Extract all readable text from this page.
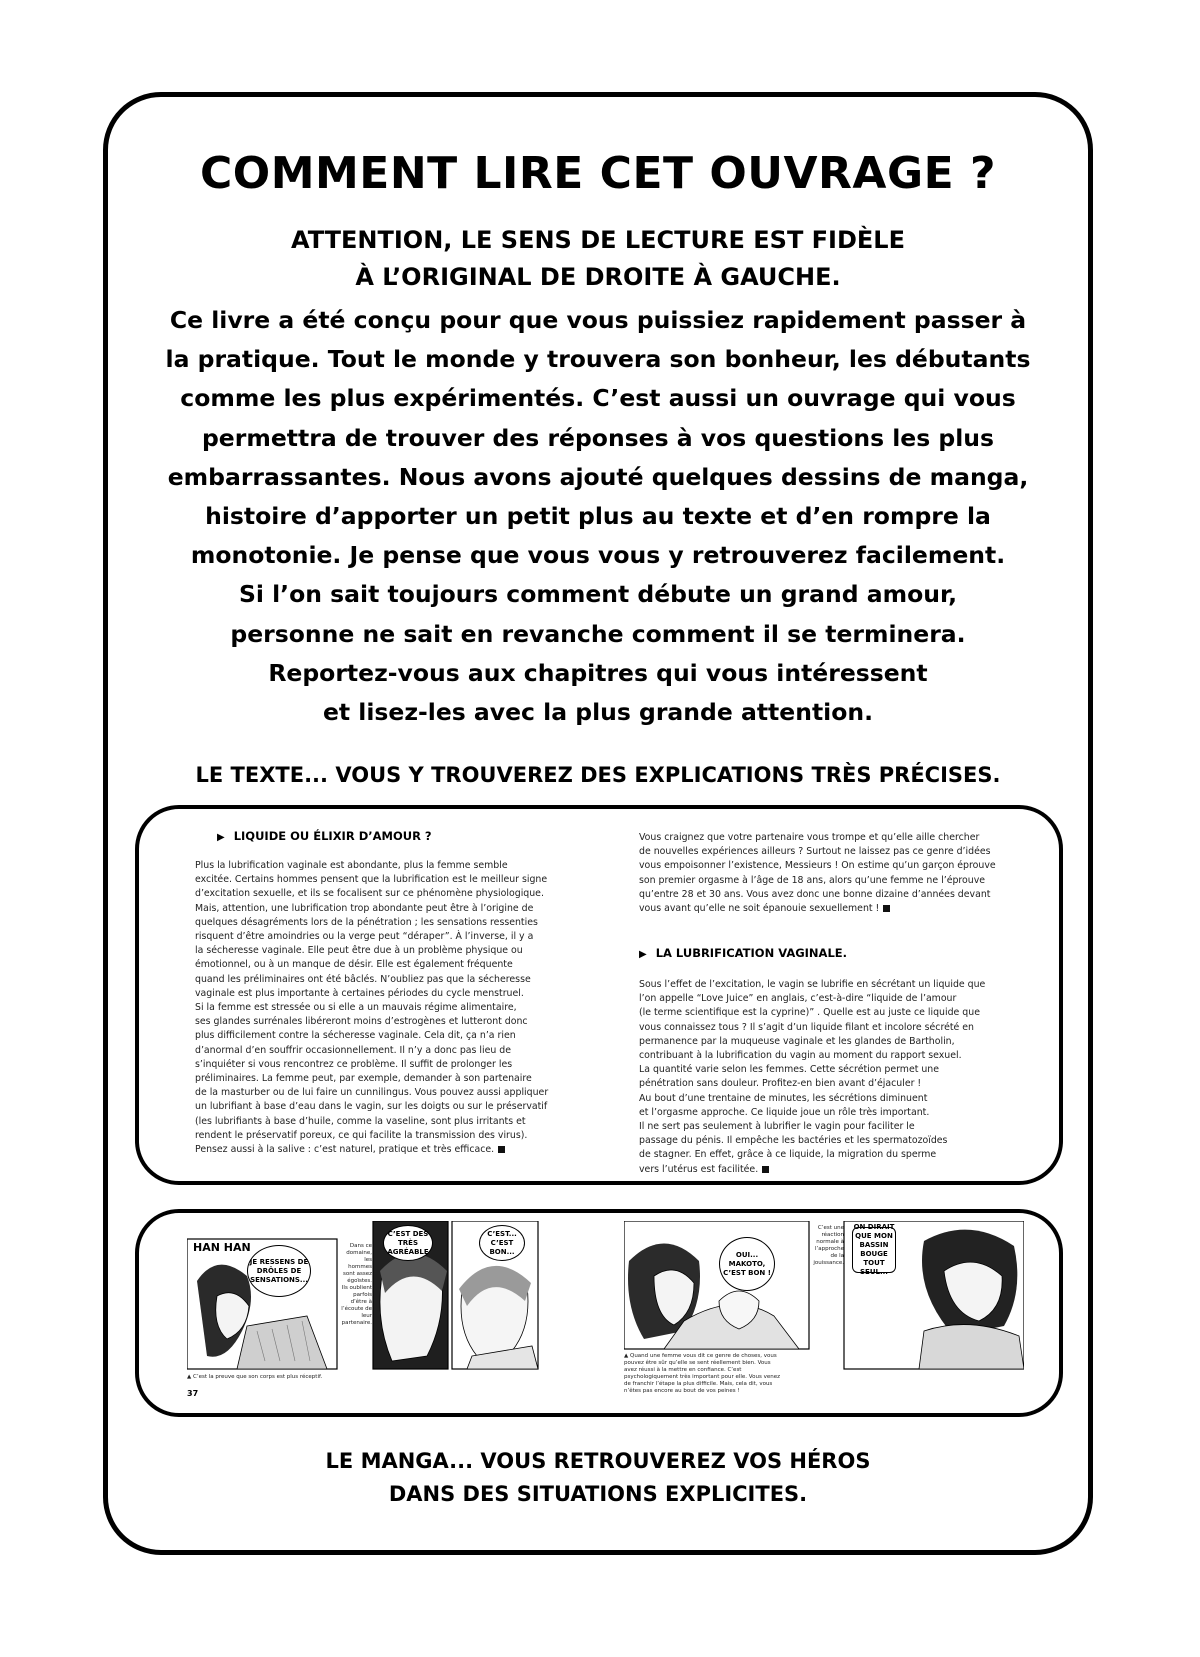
COMMENT LIRE CET OUVRAGE ?
ATTENTION, LE SENS DE LECTURE EST FIDÈLE
À L’ORIGINAL DE DROITE À GAUCHE.
Ce livre a été conçu pour que vous puissiez rapidement passer à
la pratique. Tout le monde y trouvera son bonheur, les débutants
comme les plus expérimentés. C’est aussi un ouvrage qui vous
permettra de trouver des réponses à vos questions les plus
embarrassantes. Nous avons ajouté quelques dessins de manga,
histoire d’apporter un petit plus au texte et d’en rompre la
monotonie. Je pense que vous vous y retrouverez facilement.
Si l’on sait toujours comment débute un grand amour,
personne ne sait en revanche comment il se terminera.
Reportez-vous aux chapitres qui vous intéressent
et lisez-les avec la plus grande attention.
LE TEXTE... VOUS Y TROUVEREZ DES EXPLICATIONS TRÈS PRÉCISES.
▶ LIQUIDE OU ÉLIXIR D’AMOUR ?

Plus la lubrification vaginale est abondante, plus la femme semble

excitée. Certains hommes pensent que la lubrification est le meilleur signe

d’excitation sexuelle, et ils se focalisent sur ce phénomène physiologique.

Mais, attention, une lubrification trop abondante peut être à l’origine de

quelques désagréments lors de la pénétration ; les sensations ressenties

risquent d’être amoindries ou la verge peut “déraper”. À l’inverse, il y a

la sécheresse vaginale. Elle peut être due à un problème physique ou

émotionnel, ou à un manque de désir. Elle est également fréquente

quand les préliminaires ont été bâclés. N’oubliez pas que la sécheresse

vaginale est plus importante à certaines périodes du cycle menstruel.

Si la femme est stressée ou si elle a un mauvais régime alimentaire,

ses glandes surrénales libéreront moins d’estrogènes et lutteront donc

plus difficilement contre la sécheresse vaginale. Cela dit, ça n’a rien

d’anormal d’en souffrir occasionnellement. Il n’y a donc pas lieu de

s’inquiéter si vous rencontrez ce problème. Il suffit de prolonger les

préliminaires. La femme peut, par exemple, demander à son partenaire

de la masturber ou de lui faire un cunnilingus. Vous pouvez aussi appliquer

un lubrifiant à base d’eau dans le vagin, sur les doigts ou sur le préservatif

(les lubrifiants à base d’huile, comme la vaseline, sont plus irritants et

rendent le préservatif poreux, ce qui facilite la transmission des virus).

Pensez aussi à la salive : c’est naturel, pratique et très efficace.

Vous craignez que votre partenaire vous trompe et qu’elle aille chercher

de nouvelles expériences ailleurs ? Surtout ne laissez pas ce genre d’idées

vous empoisonner l’existence, Messieurs ! On estime qu’un garçon éprouve

son premier orgasme à l’âge de 18 ans, alors qu’une femme ne l’éprouve

qu’entre 28 et 30 ans. Vous avez donc une bonne dizaine d’années devant

vous avant qu’elle ne soit épanouie sexuellement !

Sous l’effet de l’excitation, le vagin se lubrifie en sécrétant un liquide que

l’on appelle “Love Juice” en anglais, c’est-à-dire “liquide de l’amour

(le terme scientifique est la cyprine)” . Quelle est au juste ce liquide que

vous connaissez tous ? Il s’agit d’un liquide filant et incolore sécrété en

permanence par la muqueuse vaginale et les glandes de Bartholin,

contribuant à la lubrification du vagin au moment du rapport sexuel.

La quantité varie selon les femmes. Cette sécrétion permet une

pénétration sans douleur. Profitez-en bien avant d’éjaculer !

Au bout d’une trentaine de minutes, les sécrétions diminuent

et l’orgasme approche. Ce liquide joue un rôle très important.

Il ne sert pas seulement à lubrifier le vagin pour faciliter le

passage du pénis. Il empêche les bactéries et les spermatozoïdes

de stagner. En effet, grâce à ce liquide, la migration du sperme

vers l’utérus est facilitée.

▶ LA LUBRIFICATION VAGINALE.
HAN HAN
JE RESSENS DE DRÔLES DE SENSATIONS...
Dans ce domaine, les hommes sont assez égoïstes. Ils oublient parfois d’être à l’écoute de leur partenaire.
C’EST DES TRÈS AGRÉABLE
C’EST... C’EST BON...
▲ C’est la preuve que son corps est plus réceptif.
37
OUI... MAKOTO, C’EST BON !
C’est une réaction normale à l’approche de la jouissance.
ON DIRAIT QUE MON BASSIN BOUGE TOUT SEUL...
▲ Quand une femme vous dit ce genre de choses, vous pouvez être sûr qu’elle se sent réellement bien. Vous avez réussi à la mettre en confiance. C’est psychologiquement très important pour elle. Vous venez de franchir l’étape la plus difficile. Mais, cela dit, vous n’êtes pas encore au bout de vos peines !
LE MANGA... VOUS RETROUVEREZ VOS HÉROS
DANS DES SITUATIONS EXPLICITES.
